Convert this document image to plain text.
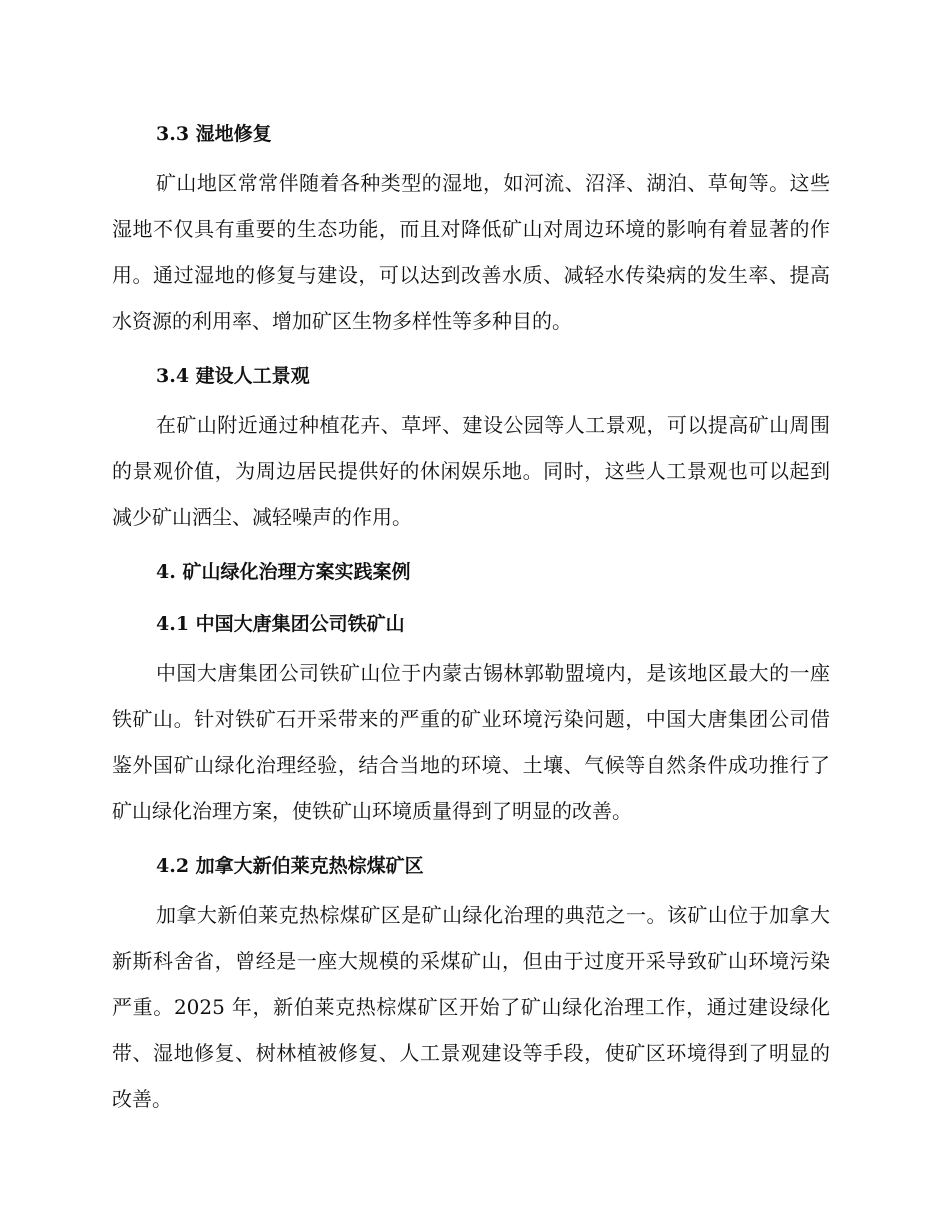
3.3 湿地修复

矿山地区常常伴随着各种类型的湿地，如河流、沼泽、湖泊、草甸等。这些湿地不仅具有重要的生态功能，而且对降低矿山对周边环境的影响有着显著的作用。通过湿地的修复与建设，可以达到改善水质、减轻水传染病的发生率、提高水资源的利用率、增加矿区生物多样性等多种目的。

3.4 建设人工景观

在矿山附近通过种植花卉、草坪、建设公园等人工景观，可以提高矿山周围的景观价值，为周边居民提供好的休闲娱乐地。同时，这些人工景观也可以起到减少矿山洒尘、减轻噪声的作用。

4. 矿山绿化治理方案实践案例
4.1 中国大唐集团公司铁矿山

中国大唐集团公司铁矿山位于内蒙古锡林郭勒盟境内，是该地区最大的一座铁矿山。针对铁矿石开采带来的严重的矿业环境污染问题，中国大唐集团公司借鉴外国矿山绿化治理经验，结合当地的环境、土壤、气候等自然条件成功推行了矿山绿化治理方案，使铁矿山环境质量得到了明显的改善。

4.2 加拿大新伯莱克热棕煤矿区

加拿大新伯莱克热棕煤矿区是矿山绿化治理的典范之一。该矿山位于加拿大新斯科舍省，曾经是一座大规模的采煤矿山，但由于过度开采导致矿山环境污染严重。2025 年，新伯莱克热棕煤矿区开始了矿山绿化治理工作，通过建设绿化带、湿地修复、树林植被修复、人工景观建设等手段，使矿区环境得到了明显的改善。
